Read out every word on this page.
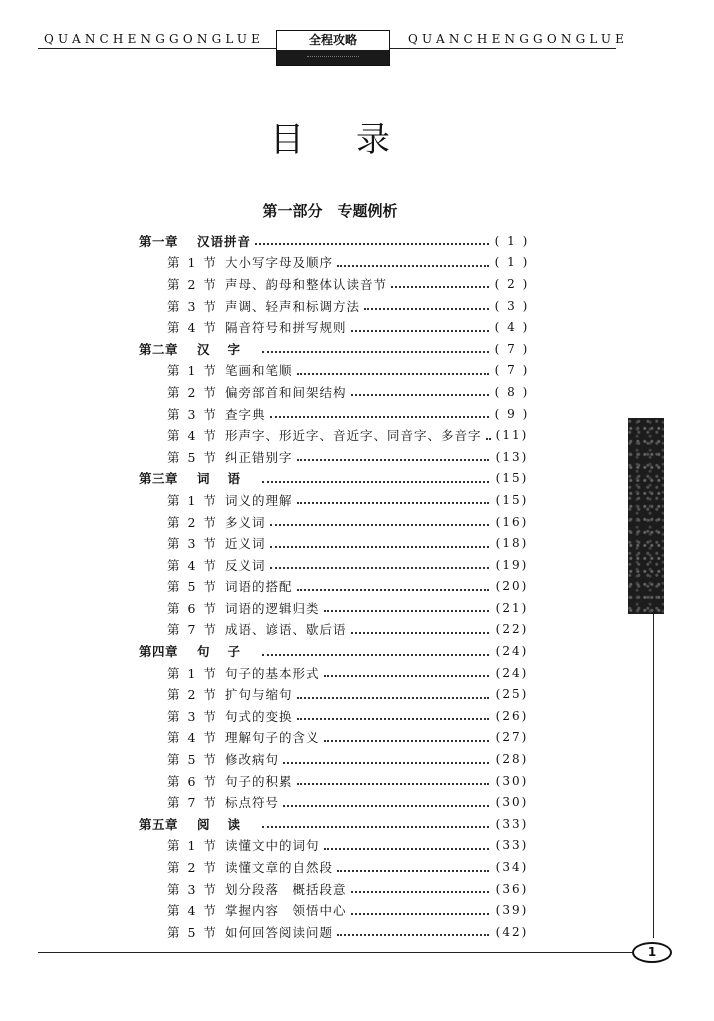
QUANCHENGGONGLUE	全程攻略	QUANCHENGGONGLUE
目录
第一部分　专题例析
第一章	汉语拼音	( 1 )
第 1 节 大小写字母及顺序	( 1 )
第 2 节 声母、韵母和整体认读音节	( 2 )
第 3 节 声调、轻声和标调方法	( 3 )
第 4 节 隔音符号和拼写规则	( 4 )
第二章	汉字	( 7 )
第 1 节 笔画和笔顺	( 7 )
第 2 节 偏旁部首和间架结构	( 8 )
第 3 节 查字典	( 9 )
第 4 节 形声字、形近字、音近字、同音字、多音字 (11)
第 5 节 纠正错别字	(13)
第三章	词语	(15)
第 1 节 词义的理解	(15)
第 2 节 多义词	(16)
第 3 节 近义词	(18)
第 4 节 反义词	(19)
第 5 节 词语的搭配	(20)
第 6 节 词语的逻辑归类	(21)
第 7 节 成语、谚语、歇后语	(22)
第四章	句子	(24)
第 1 节 句子的基本形式	(24)
第 2 节 扩句与缩句	(25)
第 3 节 句式的变换	(26)
第 4 节 理解句子的含义	(27)
第 5 节 修改病句	(28)
第 6 节 句子的积累	(30)
第 7 节 标点符号	(30)
第五章	阅读	(33)
第 1 节 读懂文中的词句	(33)
第 2 节 读懂文章的自然段	(34)
第 3 节 划分段落　概括段意	(36)
第 4 节 掌握内容　领悟中心	(39)
第 5 节 如何回答阅读问题	(42)
1
